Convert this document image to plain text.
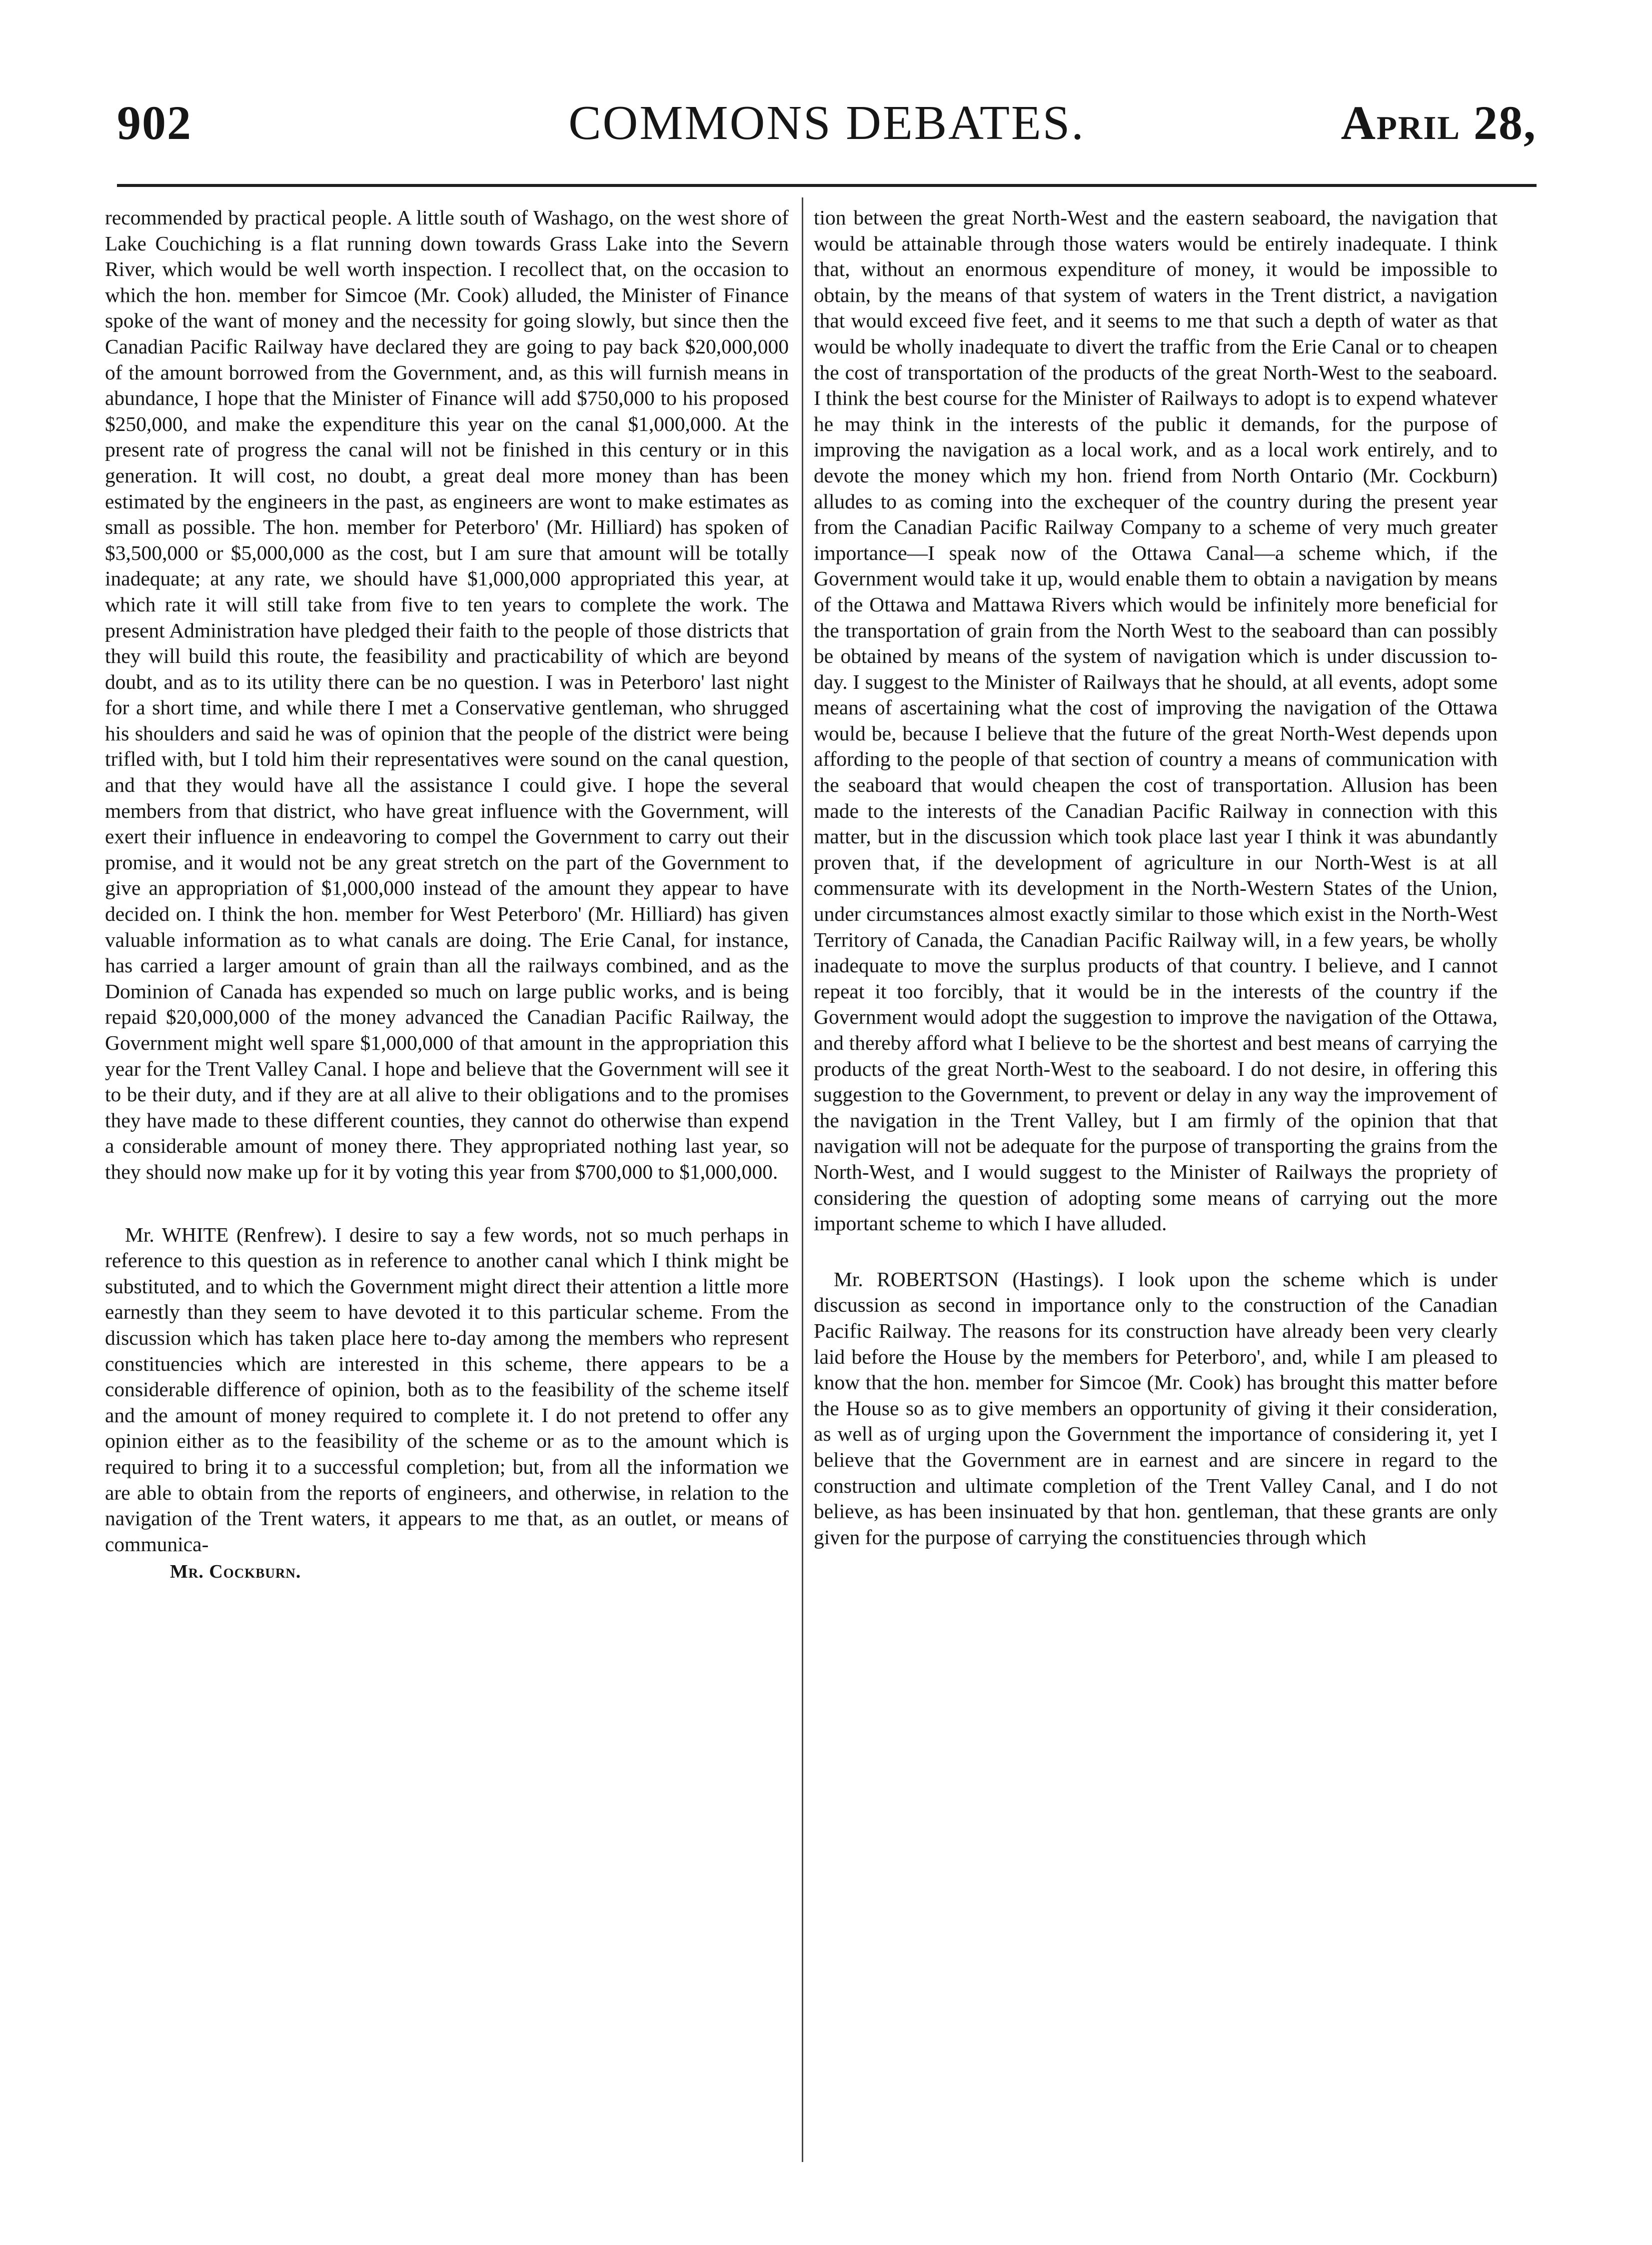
902	COMMONS DEBATES.	April 28,

recommended by practical people. A little south of Washago, on the west shore of Lake Couchiching is a flat running down towards Grass Lake into the Severn River, which would be well worth inspection. I recollect that, on the occasion to which the hon. member for Simcoe (Mr. Cook) alluded, the Minister of Finance spoke of the want of money and the necessity for going slowly, but since then the Canadian Pacific Railway have declared they are going to pay back $20,000,000 of the amount borrowed from the Government, and, as this will furnish means in abundance, I hope that the Minister of Finance will add $750,000 to his proposed $250,000, and make the expenditure this year on the canal $1,000,000. At the present rate of progress the canal will not be finished in this century or in this generation. It will cost, no doubt, a great deal more money than has been estimated by the engineers in the past, as engineers are wont to make estimates as small as possible. The hon. member for Peterboro' (Mr. Hilliard) has spoken of $3,500,000 or $5,000,000 as the cost, but I am sure that amount will be totally inadequate; at any rate, we should have $1,000,000 appropriated this year, at which rate it will still take from five to ten years to complete the work. The present Administration have pledged their faith to the people of those districts that they will build this route, the feasibility and practicability of which are beyond doubt, and as to its utility there can be no question. I was in Peterboro' last night for a short time, and while there I met a Conservative gentleman, who shrugged his shoulders and said he was of opinion that the people of the district were being trifled with, but I told him their representatives were sound on the canal question, and that they would have all the assistance I could give. I hope the several members from that district, who have great influence with the Government, will exert their influence in endeavoring to compel the Government to carry out their promise, and it would not be any great stretch on the part of the Government to give an appropriation of $1,000,000 instead of the amount they appear to have decided on. I think the hon. member for West Peterboro' (Mr. Hilliard) has given valuable information as to what canals are doing. The Erie Canal, for instance, has carried a larger amount of grain than all the railways combined, and as the Dominion of Canada has expended so much on large public works, and is being repaid $20,000,000 of the money advanced the Canadian Pacific Railway, the Government might well spare $1,000,000 of that amount in the appropriation this year for the Trent Valley Canal. I hope and believe that the Government will see it to be their duty, and if they are at all alive to their obligations and to the promises they have made to these different counties, they cannot do otherwise than expend a considerable amount of money there. They appropriated nothing last year, so they should now make up for it by voting this year from $700,000 to $1,000,000.

Mr. WHITE (Renfrew). I desire to say a few words, not so much perhaps in reference to this question as in reference to another canal which I think might be substituted, and to which the Government might direct their attention a little more earnestly than they seem to have devoted it to this particular scheme. From the discussion which has taken place here to-day among the members who represent constituencies which are interested in this scheme, there appears to be a considerable difference of opinion, both as to the feasibility of the scheme itself and the amount of money required to complete it. I do not pretend to offer any opinion either as to the feasibility of the scheme or as to the amount which is required to bring it to a successful completion; but, from all the information we are able to obtain from the reports of engineers, and otherwise, in relation to the navigation of the Trent waters, it appears to me that, as an outlet, or means of communica-

Mr. Cockburn.

tion between the great North-West and the eastern seaboard, the navigation that would be attainable through those waters would be entirely inadequate. I think that, without an enormous expenditure of money, it would be impossible to obtain, by the means of that system of waters in the Trent district, a navigation that would exceed five feet, and it seems to me that such a depth of water as that would be wholly inadequate to divert the traffic from the Erie Canal or to cheapen the cost of transportation of the products of the great North-West to the seaboard. I think the best course for the Minister of Railways to adopt is to expend whatever he may think in the interests of the public it demands, for the purpose of improving the navigation as a local work, and as a local work entirely, and to devote the money which my hon. friend from North Ontario (Mr. Cockburn) alludes to as coming into the exchequer of the country during the present year from the Canadian Pacific Railway Company to a scheme of very much greater importance—I speak now of the Ottawa Canal—a scheme which, if the Government would take it up, would enable them to obtain a navigation by means of the Ottawa and Mattawa Rivers which would be infinitely more beneficial for the transportation of grain from the North West to the seaboard than can possibly be obtained by means of the system of navigation which is under discussion to-day. I suggest to the Minister of Railways that he should, at all events, adopt some means of ascertaining what the cost of improving the navigation of the Ottawa would be, because I believe that the future of the great North-West depends upon affording to the people of that section of country a means of communication with the seaboard that would cheapen the cost of transportation. Allusion has been made to the interests of the Canadian Pacific Railway in connection with this matter, but in the discussion which took place last year I think it was abundantly proven that, if the development of agriculture in our North-West is at all commensurate with its development in the North-Western States of the Union, under circumstances almost exactly similar to those which exist in the North-West Territory of Canada, the Canadian Pacific Railway will, in a few years, be wholly inadequate to move the surplus products of that country. I believe, and I cannot repeat it too forcibly, that it would be in the interests of the country if the Government would adopt the suggestion to improve the navigation of the Ottawa, and thereby afford what I believe to be the shortest and best means of carrying the products of the great North-West to the seaboard. I do not desire, in offering this suggestion to the Government, to prevent or delay in any way the improvement of the navigation in the Trent Valley, but I am firmly of the opinion that that navigation will not be adequate for the purpose of transporting the grains from the North-West, and I would suggest to the Minister of Railways the propriety of considering the question of adopting some means of carrying out the more important scheme to which I have alluded.

Mr. ROBERTSON (Hastings). I look upon the scheme which is under discussion as second in importance only to the construction of the Canadian Pacific Railway. The reasons for its construction have already been very clearly laid before the House by the members for Peterboro', and, while I am pleased to know that the hon. member for Simcoe (Mr. Cook) has brought this matter before the House so as to give members an opportunity of giving it their consideration, as well as of urging upon the Government the importance of considering it, yet I believe that the Government are in earnest and are sincere in regard to the construction and ultimate completion of the Trent Valley Canal, and I do not believe, as has been insinuated by that hon. gentleman, that these grants are only given for the purpose of carrying the constituencies through which
